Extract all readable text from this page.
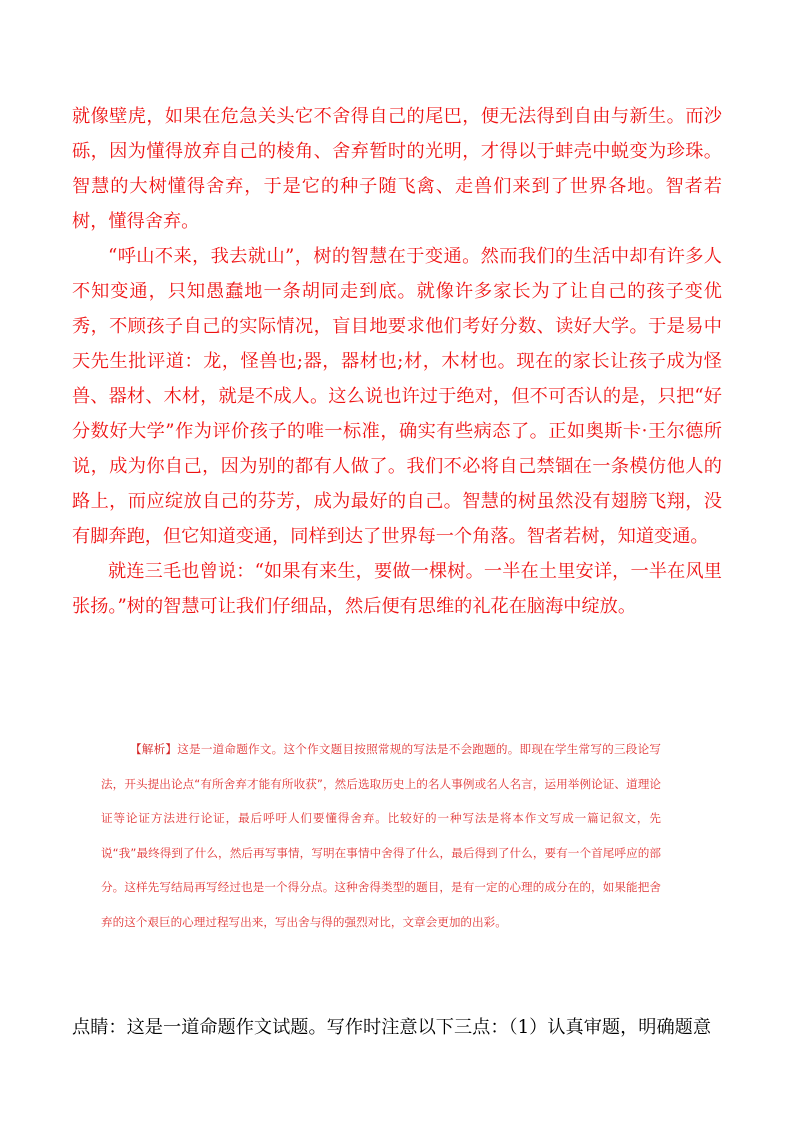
就像壁虎，如果在危急关头它不舍得自己的尾巴，便无法得到自由与新生。而沙砾，因为懂得放弃自己的棱角、舍弃暂时的光明，才得以于蚌壳中蜕变为珍珠。智慧的大树懂得舍弃，于是它的种子随飞禽、走兽们来到了世界各地。智者若树，懂得舍弃。

“呼山不来，我去就山”，树的智慧在于变通。然而我们的生活中却有许多人不知变通，只知愚蠢地一条胡同走到底。就像许多家长为了让自己的孩子变优秀，不顾孩子自己的实际情况，盲目地要求他们考好分数、读好大学。于是易中天先生批评道：龙，怪兽也;器，器材也;材，木材也。现在的家长让孩子成为怪兽、器材、木材，就是不成人。这么说也许过于绝对，但不可否认的是，只把“好分数好大学”作为评价孩子的唯一标准，确实有些病态了。正如奥斯卡·王尔德所说，成为你自己，因为别的都有人做了。我们不必将自己禁锢在一条模仿他人的路上，而应绽放自己的芬芳，成为最好的自己。智慧的树虽然没有翅膀飞翔，没有脚奔跑，但它知道变通，同样到达了世界每一个角落。智者若树，知道变通。

就连三毛也曾说：“如果有来生，要做一棵树。一半在土里安详，一半在风里张扬。”树的智慧可让我们仔细品，然后便有思维的礼花在脑海中绽放。

【解析】这是一道命题作文。这个作文题目按照常规的写法是不会跑题的。即现在学生常写的三段论写法，开头提出论点“有所舍弃才能有所收获”，然后选取历史上的名人事例或名人名言，运用举例论证、道理论证等论证方法进行论证，最后呼吁人们要懂得舍弃。比较好的一种写法是将本作文写成一篇记叙文，先说“我”最终得到了什么，然后再写事情，写明在事情中舍得了什么，最后得到了什么，要有一个首尾呼应的部分。这样先写结局再写经过也是一个得分点。这种舍得类型的题目，是有一定的心理的成分在的，如果能把舍弃的这个艰巨的心理过程写出来，写出舍与得的强烈对比，文章会更加的出彩。

点睛：这是一道命题作文试题。写作时注意以下三点：（1）认真审题，明确题意
